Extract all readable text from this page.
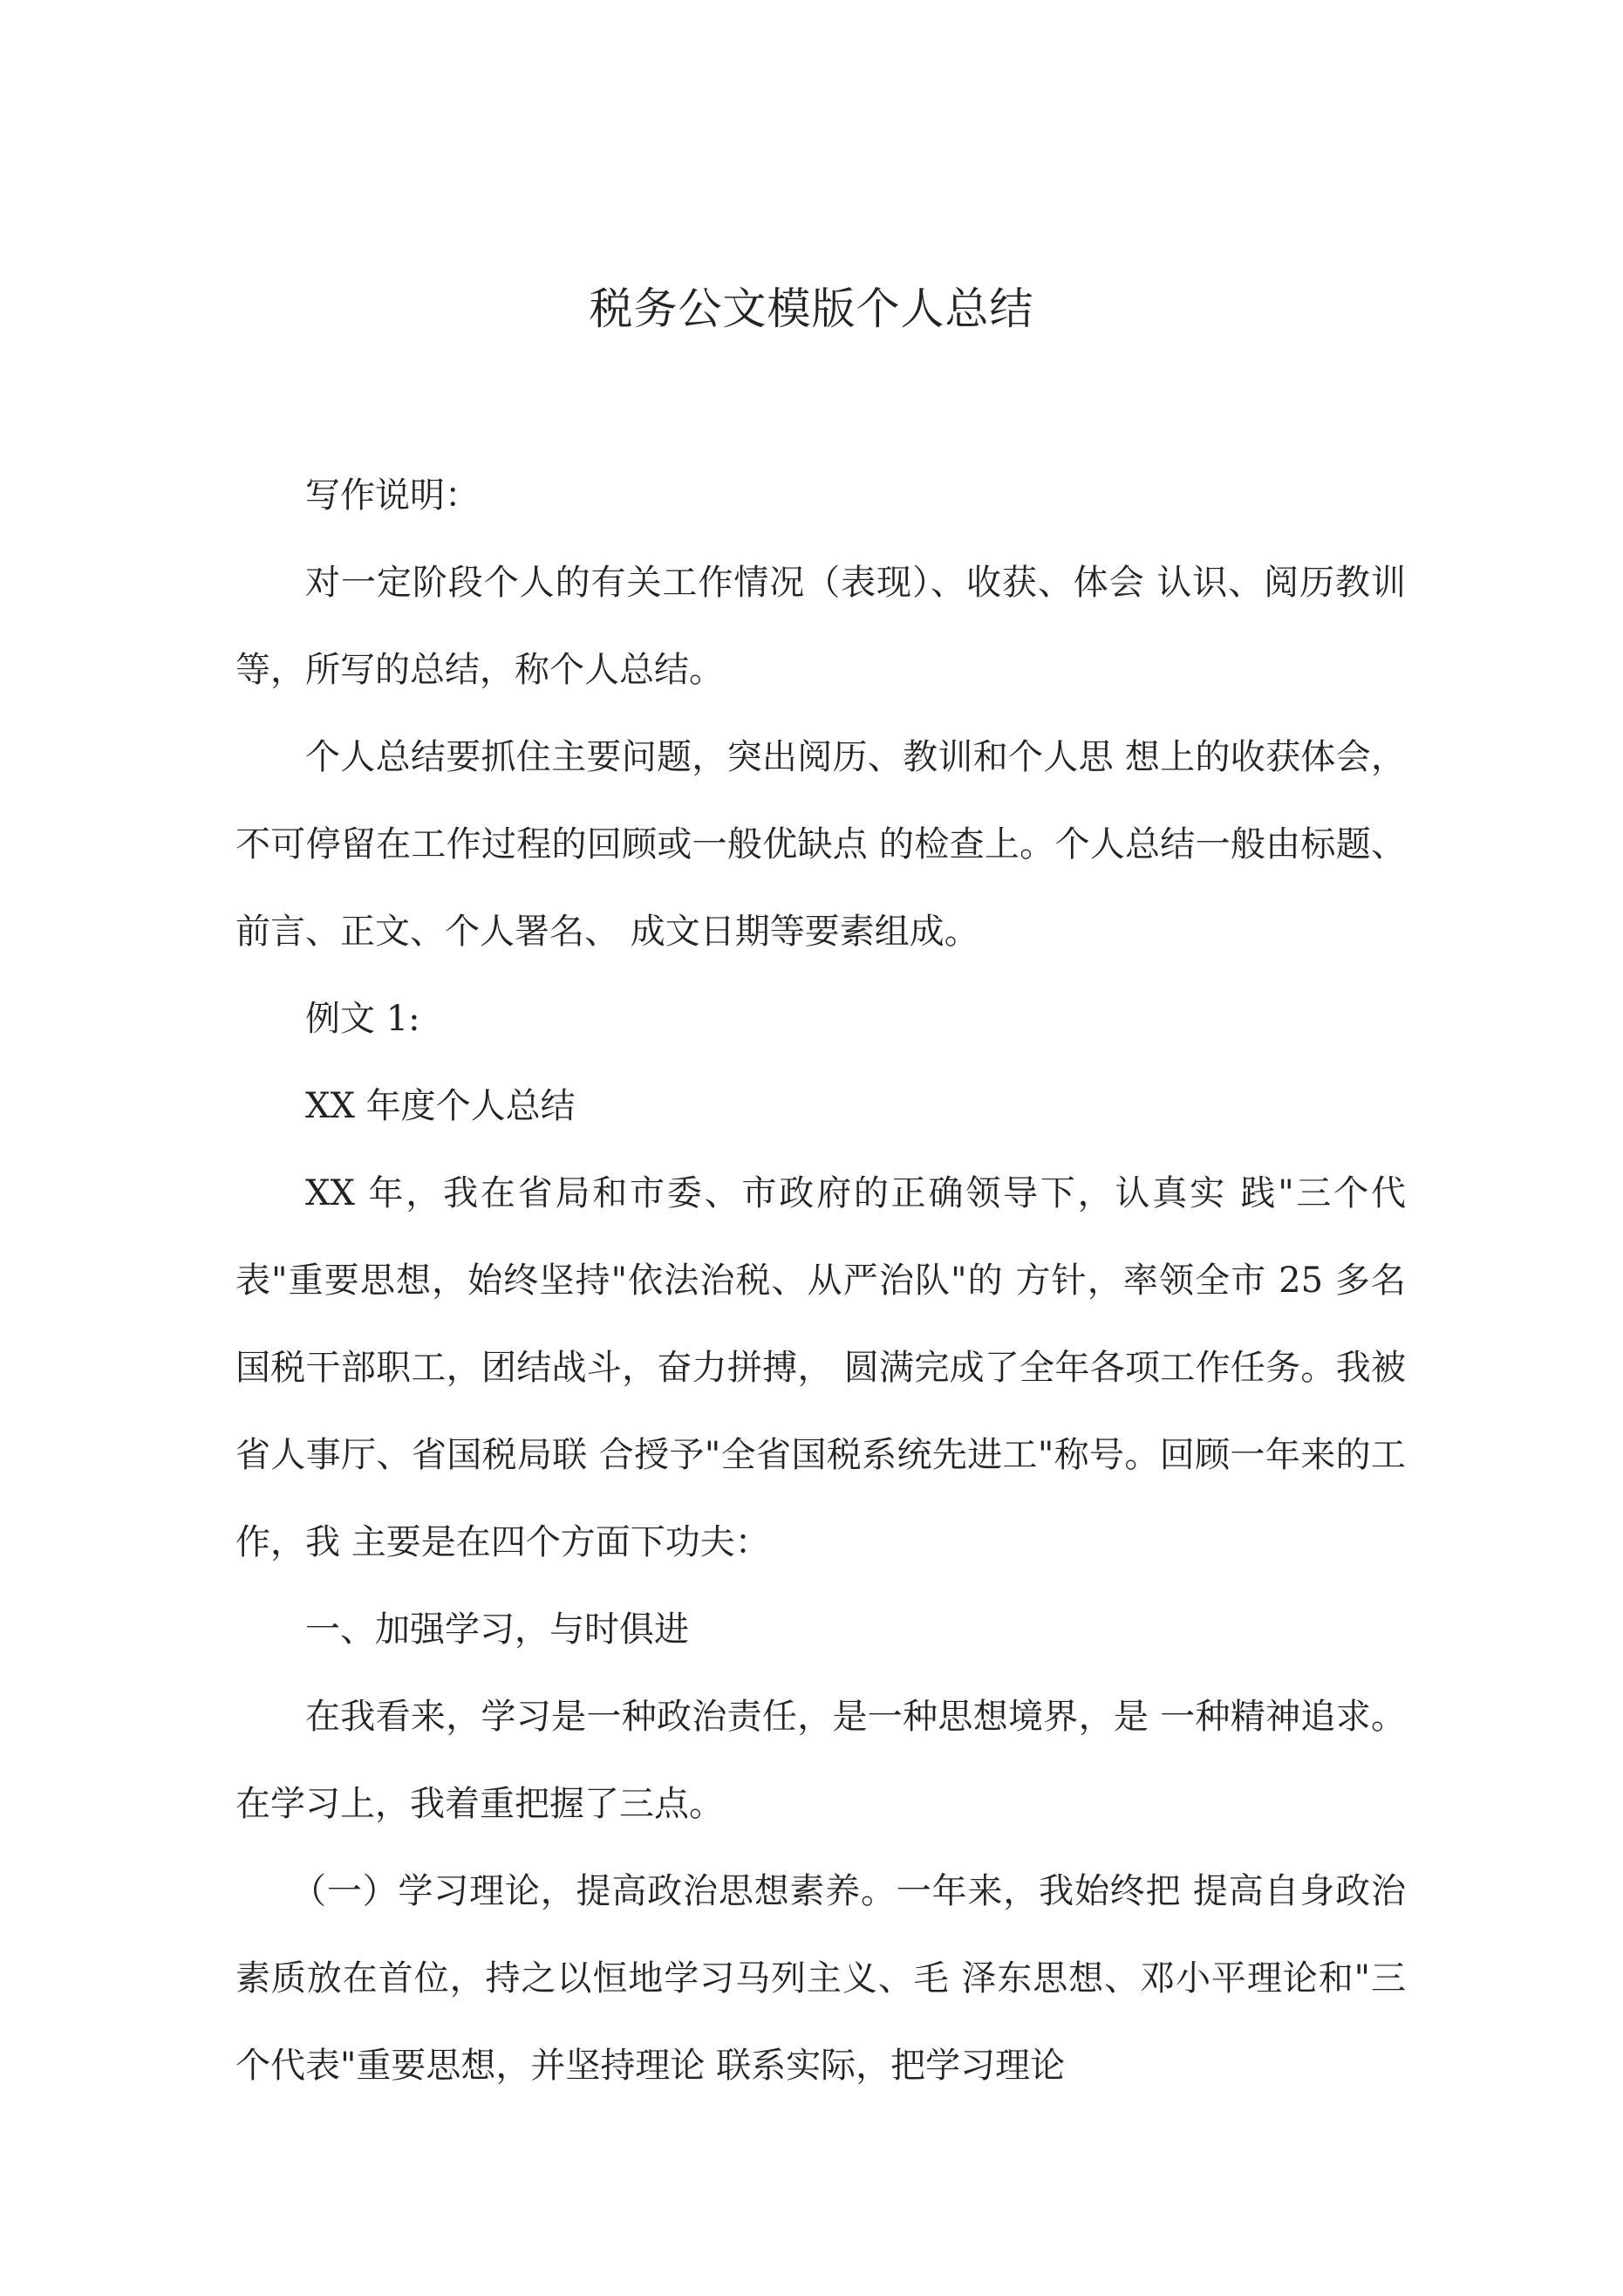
税务公文模版个人总结

写作说明：

对一定阶段个人的有关工作情况（表现）、收获、体会 认识、阅历教训等，所写的总结，称个人总结。

个人总结要抓住主要问题，突出阅历、教训和个人思 想上的收获体会，不可停留在工作过程的回顾或一般优缺点 的检查上。个人总结一般由标题、前言、正文、个人署名、 成文日期等要素组成。

例文 1:

XX 年度个人总结

XX 年，我在省局和市委、市政府的正确领导下，认真实 践"三个代表"重要思想，始终坚持"依法治税、从严治队"的 方针，率领全市 25 多名国税干部职工，团结战斗，奋力拼搏， 圆满完成了全年各项工作任务。我被省人事厅、省国税局联 合授予"全省国税系统先进工"称号。回顾一年来的工作，我 主要是在四个方面下功夫：

一、加强学习，与时俱进

在我看来，学习是一种政治责任，是一种思想境界，是 一种精神追求。在学习上，我着重把握了三点。

（一）学习理论，提高政治思想素养。一年来，我始终把 提高自身政治素质放在首位，持之以恒地学习马列主义、毛 泽东思想、邓小平理论和"三个代表"重要思想，并坚持理论 联系实际，把学习理论
